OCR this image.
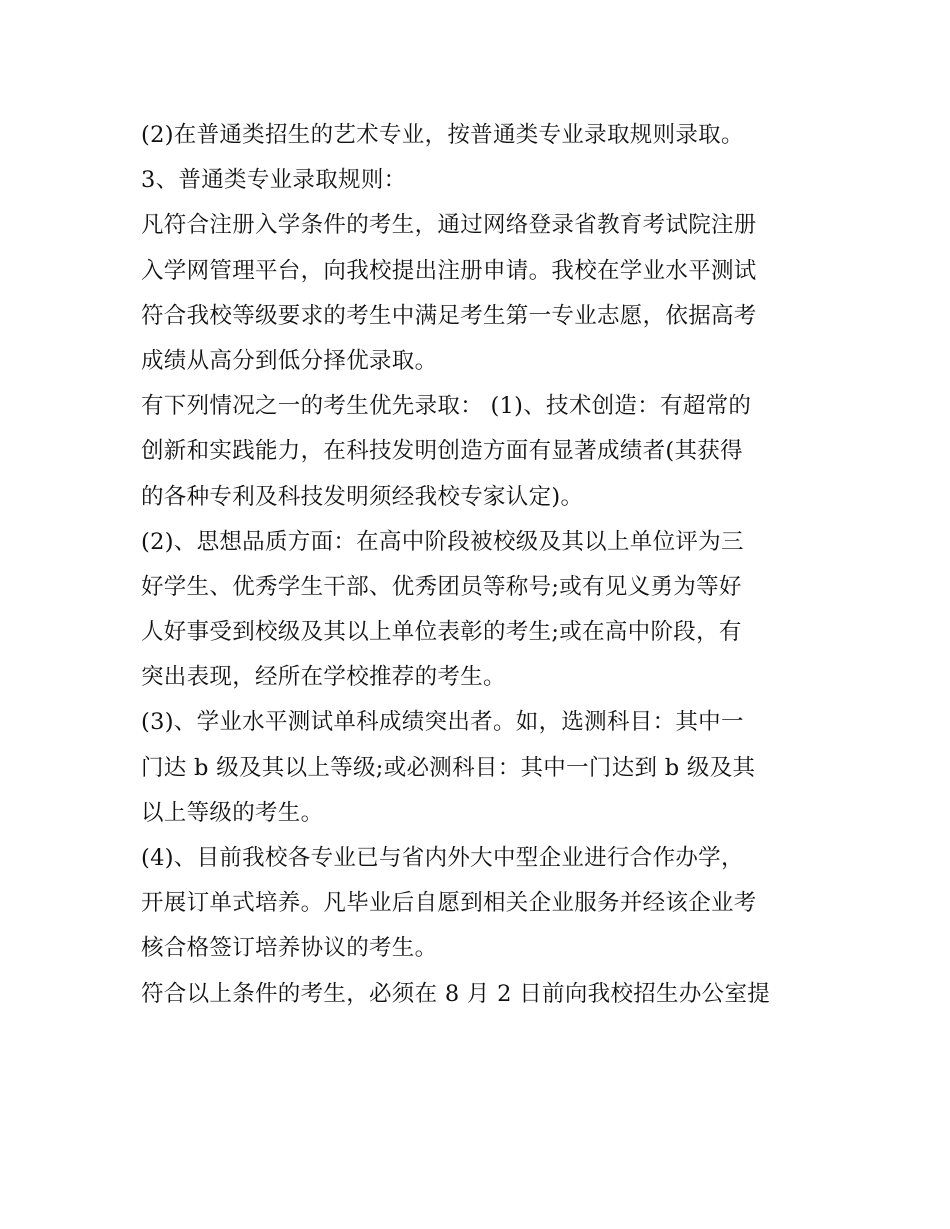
(2)在普通类招生的艺术专业，按普通类专业录取规则录取。
3、普通类专业录取规则：
凡符合注册入学条件的考生，通过网络登录省教育考试院注册
入学网管理平台，向我校提出注册申请。我校在学业水平测试
符合我校等级要求的考生中满足考生第一专业志愿，依据高考
成绩从高分到低分择优录取。
有下列情况之一的考生优先录取： (1)、技术创造：有超常的
创新和实践能力，在科技发明创造方面有显著成绩者(其获得
的各种专利及科技发明须经我校专家认定)。
(2)、思想品质方面：在高中阶段被校级及其以上单位评为三
好学生、优秀学生干部、优秀团员等称号;或有见义勇为等好
人好事受到校级及其以上单位表彰的考生;或在高中阶段，有
突出表现，经所在学校推荐的考生。
(3)、学业水平测试单科成绩突出者。如，选测科目：其中一
门达 b 级及其以上等级;或必测科目：其中一门达到 b 级及其
以上等级的考生。
(4)、目前我校各专业已与省内外大中型企业进行合作办学，
开展订单式培养。凡毕业后自愿到相关企业服务并经该企业考
核合格签订培养协议的考生。
符合以上条件的考生，必须在 8 月 2 日前向我校招生办公室提
